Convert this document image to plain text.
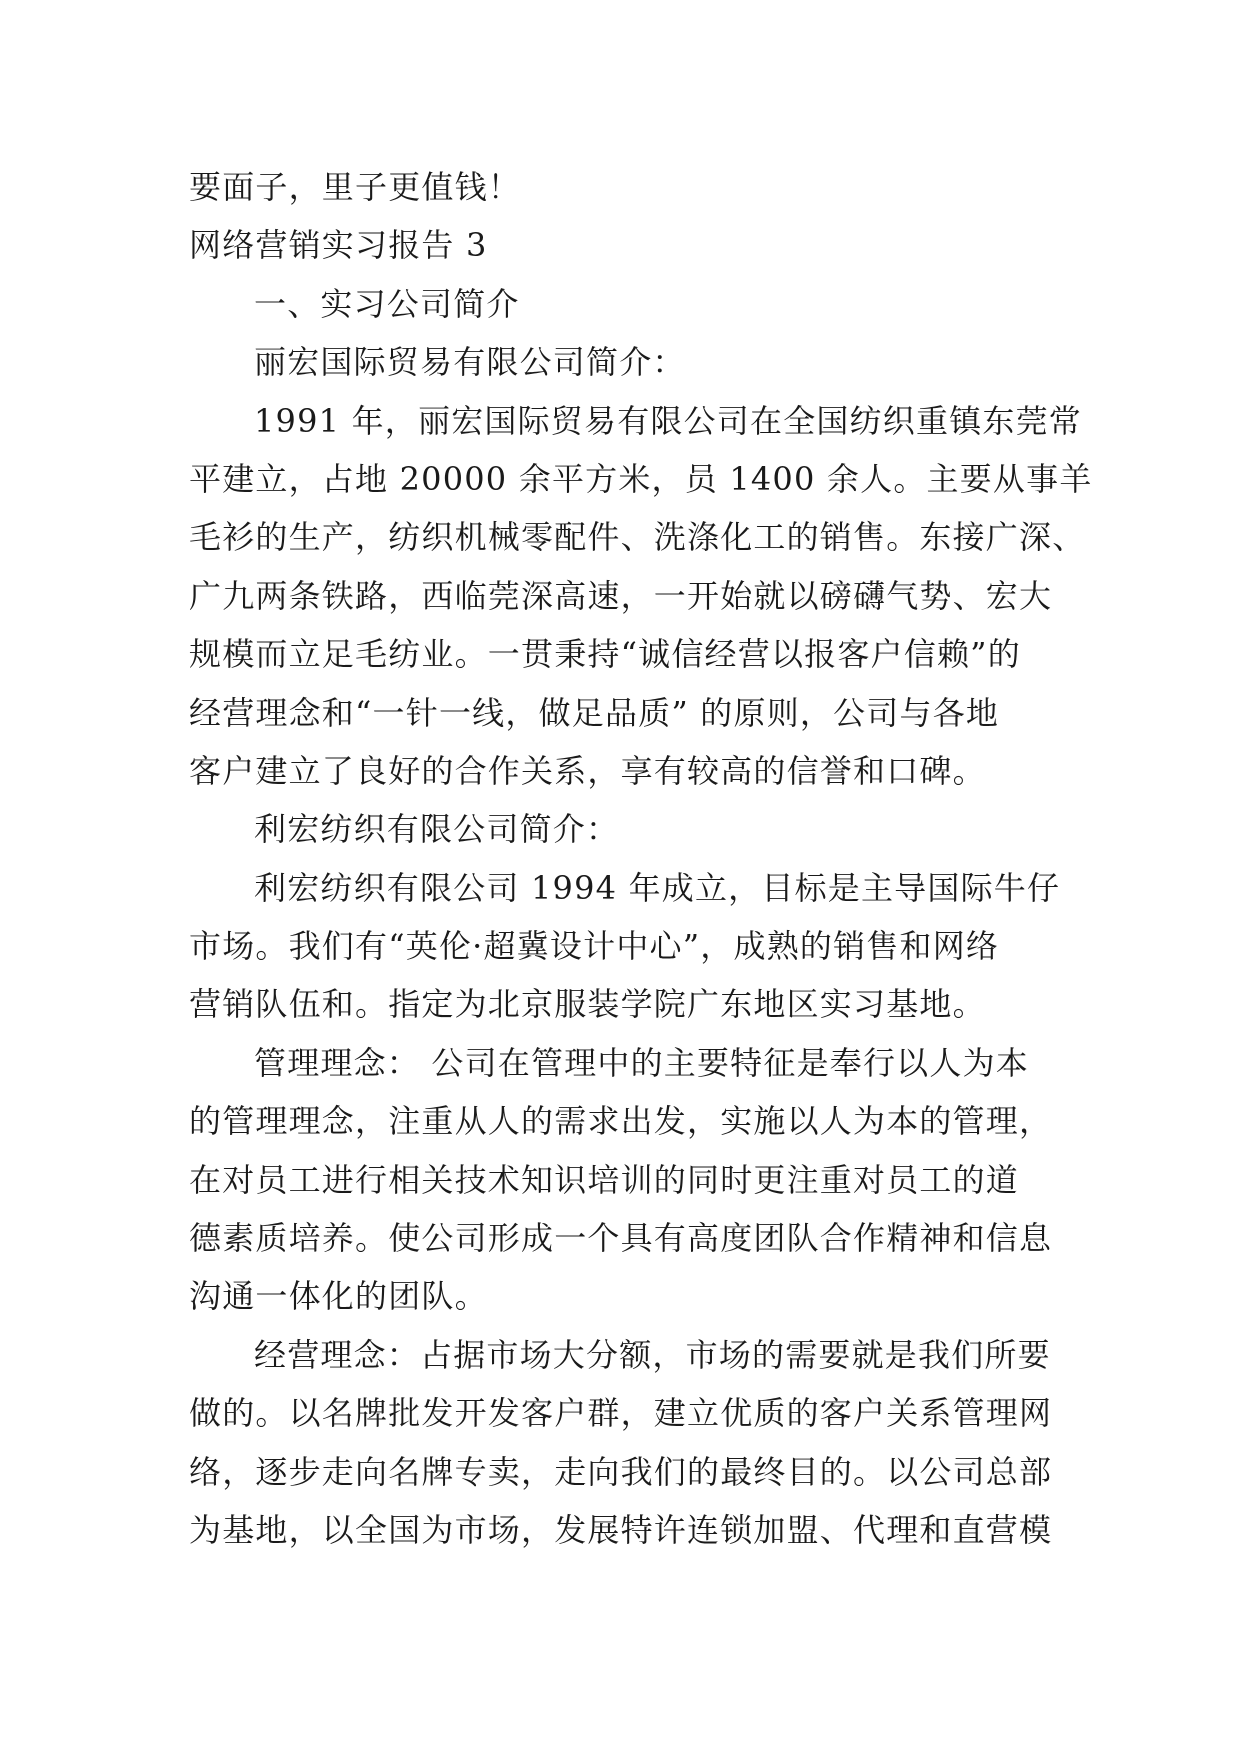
要面子，里子更值钱！
网络营销实习报告 3
一、实习公司简介
丽宏国际贸易有限公司简介：
1991 年，丽宏国际贸易有限公司在全国纺织重镇东莞常
平建立，占地 20000 余平方米，员 1400 余人。主要从事羊
毛衫的生产，纺织机械零配件、洗涤化工的销售。东接广深、
广九两条铁路，西临莞深高速，一开始就以磅礴气势、宏大
规模而立足毛纺业。一贯秉持“诚信经营以报客户信赖”的
经营理念和“一针一线，做足品质” 的原则，公司与各地
客户建立了良好的合作关系，享有较高的信誉和口碑。
利宏纺织有限公司简介：
利宏纺织有限公司 1994 年成立，目标是主导国际牛仔
市场。我们有“英伦·超冀设计中心”，成熟的销售和网络
营销队伍和。指定为北京服装学院广东地区实习基地。
管理理念： 公司在管理中的主要特征是奉行以人为本
的管理理念，注重从人的需求出发，实施以人为本的管理，
在对员工进行相关技术知识培训的同时更注重对员工的道
德素质培养。使公司形成一个具有高度团队合作精神和信息
沟通一体化的团队。
经营理念：占据市场大分额，市场的需要就是我们所要
做的。以名牌批发开发客户群，建立优质的客户关系管理网
络，逐步走向名牌专卖，走向我们的最终目的。以公司总部
为基地，以全国为市场，发展特许连锁加盟、代理和直营模
